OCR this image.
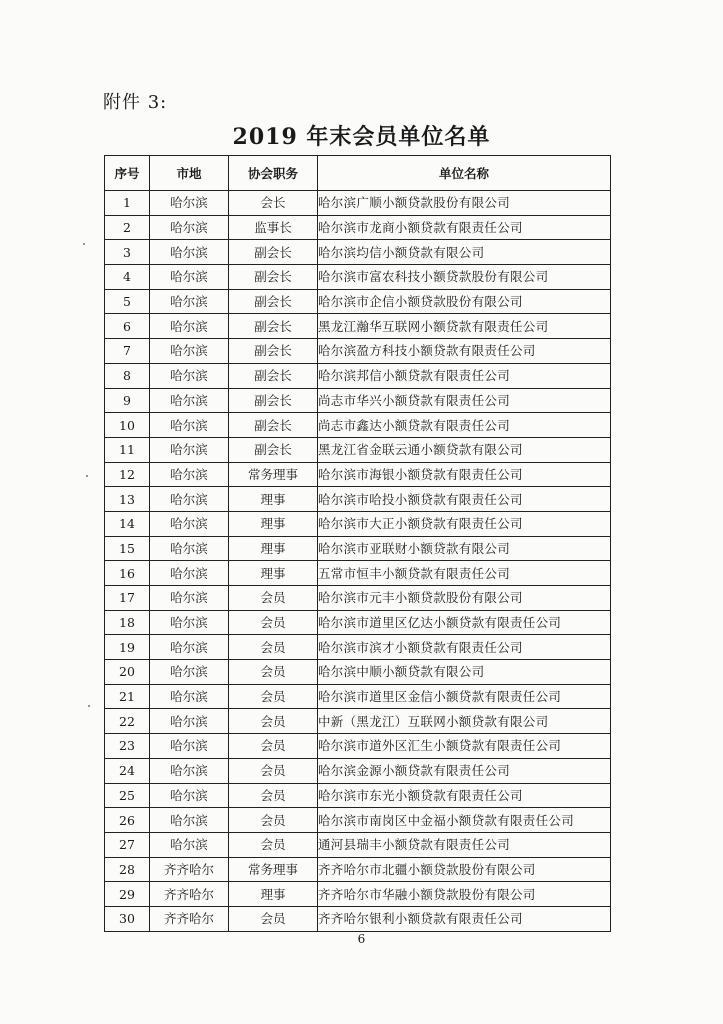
附件 3:
2019 年末会员单位名单
序号	市地	协会职务	单位名称
1	哈尔滨	会长	哈尔滨广顺小额贷款股份有限公司
2	哈尔滨	监事长	哈尔滨市龙商小额贷款有限责任公司
3	哈尔滨	副会长	哈尔滨均信小额贷款有限公司
4	哈尔滨	副会长	哈尔滨市富农科技小额贷款股份有限公司
5	哈尔滨	副会长	哈尔滨市企信小额贷款股份有限公司
6	哈尔滨	副会长	黑龙江瀚华互联网小额贷款有限责任公司
7	哈尔滨	副会长	哈尔滨盈方科技小额贷款有限责任公司
8	哈尔滨	副会长	哈尔滨邦信小额贷款有限责任公司
9	哈尔滨	副会长	尚志市华兴小额贷款有限责任公司
10	哈尔滨	副会长	尚志市鑫达小额贷款有限责任公司
11	哈尔滨	副会长	黑龙江省金联云通小额贷款有限公司
12	哈尔滨	常务理事	哈尔滨市海银小额贷款有限责任公司
13	哈尔滨	理事	哈尔滨市哈投小额贷款有限责任公司
14	哈尔滨	理事	哈尔滨市大正小额贷款有限责任公司
15	哈尔滨	理事	哈尔滨市亚联财小额贷款有限公司
16	哈尔滨	理事	五常市恒丰小额贷款有限责任公司
17	哈尔滨	会员	哈尔滨市元丰小额贷款股份有限公司
18	哈尔滨	会员	哈尔滨市道里区亿达小额贷款有限责任公司
19	哈尔滨	会员	哈尔滨市滨才小额贷款有限责任公司
20	哈尔滨	会员	哈尔滨中顺小额贷款有限公司
21	哈尔滨	会员	哈尔滨市道里区金信小额贷款有限责任公司
22	哈尔滨	会员	中新（黑龙江）互联网小额贷款有限公司
23	哈尔滨	会员	哈尔滨市道外区汇生小额贷款有限责任公司
24	哈尔滨	会员	哈尔滨金源小额贷款有限责任公司
25	哈尔滨	会员	哈尔滨市东光小额贷款有限责任公司
26	哈尔滨	会员	哈尔滨市南岗区中金福小额贷款有限责任公司
27	哈尔滨	会员	通河县瑞丰小额贷款有限责任公司
28	齐齐哈尔	常务理事	齐齐哈尔市北疆小额贷款股份有限公司
29	齐齐哈尔	理事	齐齐哈尔市华融小额贷款股份有限公司
30	齐齐哈尔	会员	齐齐哈尔银利小额贷款有限责任公司
6
